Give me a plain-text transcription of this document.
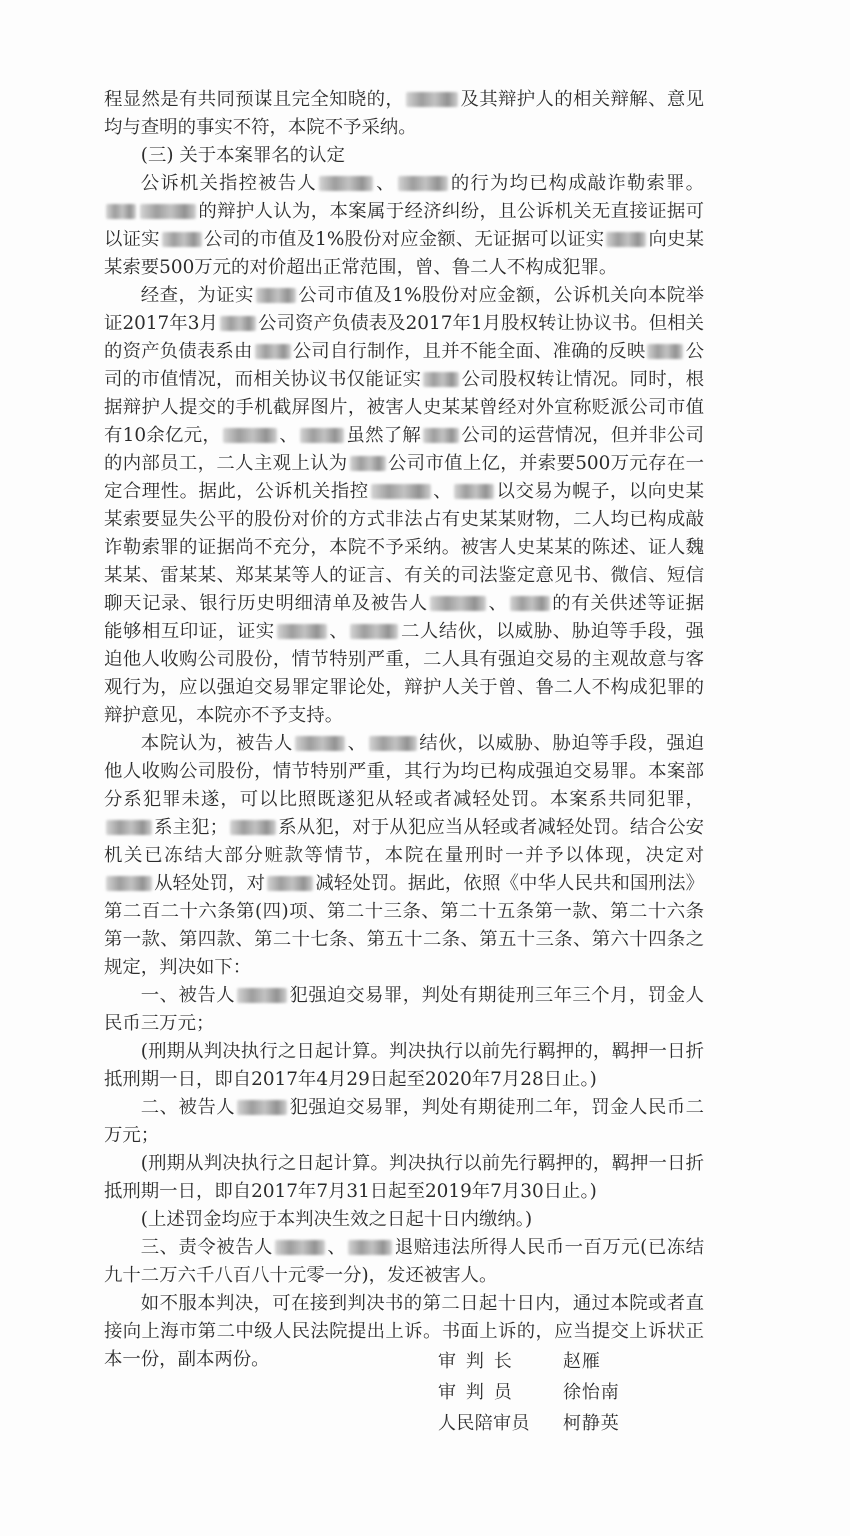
程显然是有共同预谋且完全知晓的，	及其辩护人的相关辩解、意见均与查明的事实不符，本院不予采纳。

(三) 关于本案罪名的认定

公诉机关指控被告人	、	的行为均已构成敲诈勒索罪。的辩护人认为，本案属于经济纠纷，且公诉机关无直接证据可以证实 公司的市值及1%股份对应金额、无证据可以证实 向史某某索要500万元的对价超出正常范围，曾、鲁二人不构成犯罪。

经查，为证实 公司市值及1%股份对应金额，公诉机关向本院举证2017年3月 公司资产负债表及2017年1月股权转让协议书。但相关的资产负债表系由 公司自行制作，且并不能全面、准确的反映 公司的市值情况，而相关协议书仅能证实 公司股权转让情况。同时，根据辩护人提交的手机截屏图片，被害人史某某曾经对外宣称贬派公司市值有10余亿元，	、	虽然了解 公司的运营情况，但并非公司的内部员工，二人主观上认为 公司市值上亿，并索要500万元存在一定合理性。据此，公诉机关指控	、 以交易为幌子，以向史某某索要显失公平的股份对价的方式非法占有史某某财物，二人均已构成敲诈勒索罪的证据尚不充分，本院不予采纳。被害人史某某的陈述、证人魏某某、雷某某、郑某某等人的证言、有关的司法鉴定意见书、微信、短信聊天记录、银行历史明细清单及被告人	、 的有关供述等证据能够相互印证，证实	、	二人结伙，以威胁、胁迫等手段，强迫他人收购公司股份，情节特别严重，二人具有强迫交易的主观故意与客观行为，应以强迫交易罪定罪论处，辩护人关于曾、鲁二人不构成犯罪的辩护意见，本院亦不予支持。

本院认为，被告人	、	结伙，以威胁、胁迫等手段，强迫他人收购公司股份，情节特别严重，其行为均已构成强迫交易罪。本案部分系犯罪未遂，可以比照既遂犯从轻或者减轻处罚。本案系共同犯罪，系主犯；	系从犯，对于从犯应当从轻或者减轻处罚。结合公安机关已冻结大部分赃款等情节，本院在量刑时一并予以体现，决定对从轻处罚，对	减轻处罚。据此，依照《中华人民共和国刑法》第二百二十六条第(四)项、第二十三条、第二十五条第一款、第二十六条第一款、第四款、第二十七条、第五十二条、第五十三条、第六十四条之规定，判决如下：

一、被告人	犯强迫交易罪，判处有期徒刑三年三个月，罚金人民币三万元；

(刑期从判决执行之日起计算。判决执行以前先行羁押的，羁押一日折抵刑期一日，即自2017年4月29日起至2020年7月28日止。)

二、被告人	犯强迫交易罪，判处有期徒刑二年，罚金人民币二万元；

(刑期从判决执行之日起计算。判决执行以前先行羁押的，羁押一日折抵刑期一日，即自2017年7月31日起至2019年7月30日止。)

(上述罚金均应于本判决生效之日起十日内缴纳。)

三、责令被告人	、	退赔违法所得人民币一百万元(已冻结九十二万六千八百八十元零一分)，发还被害人。

如不服本判决，可在接到判决书的第二日起十日内，通过本院或者直接向上海市第二中级人民法院提出上诉。书面上诉的，应当提交上诉状正本一份，副本两份。	审判长	赵雁
审判员	徐怡南
人民陪审员	柯静英
